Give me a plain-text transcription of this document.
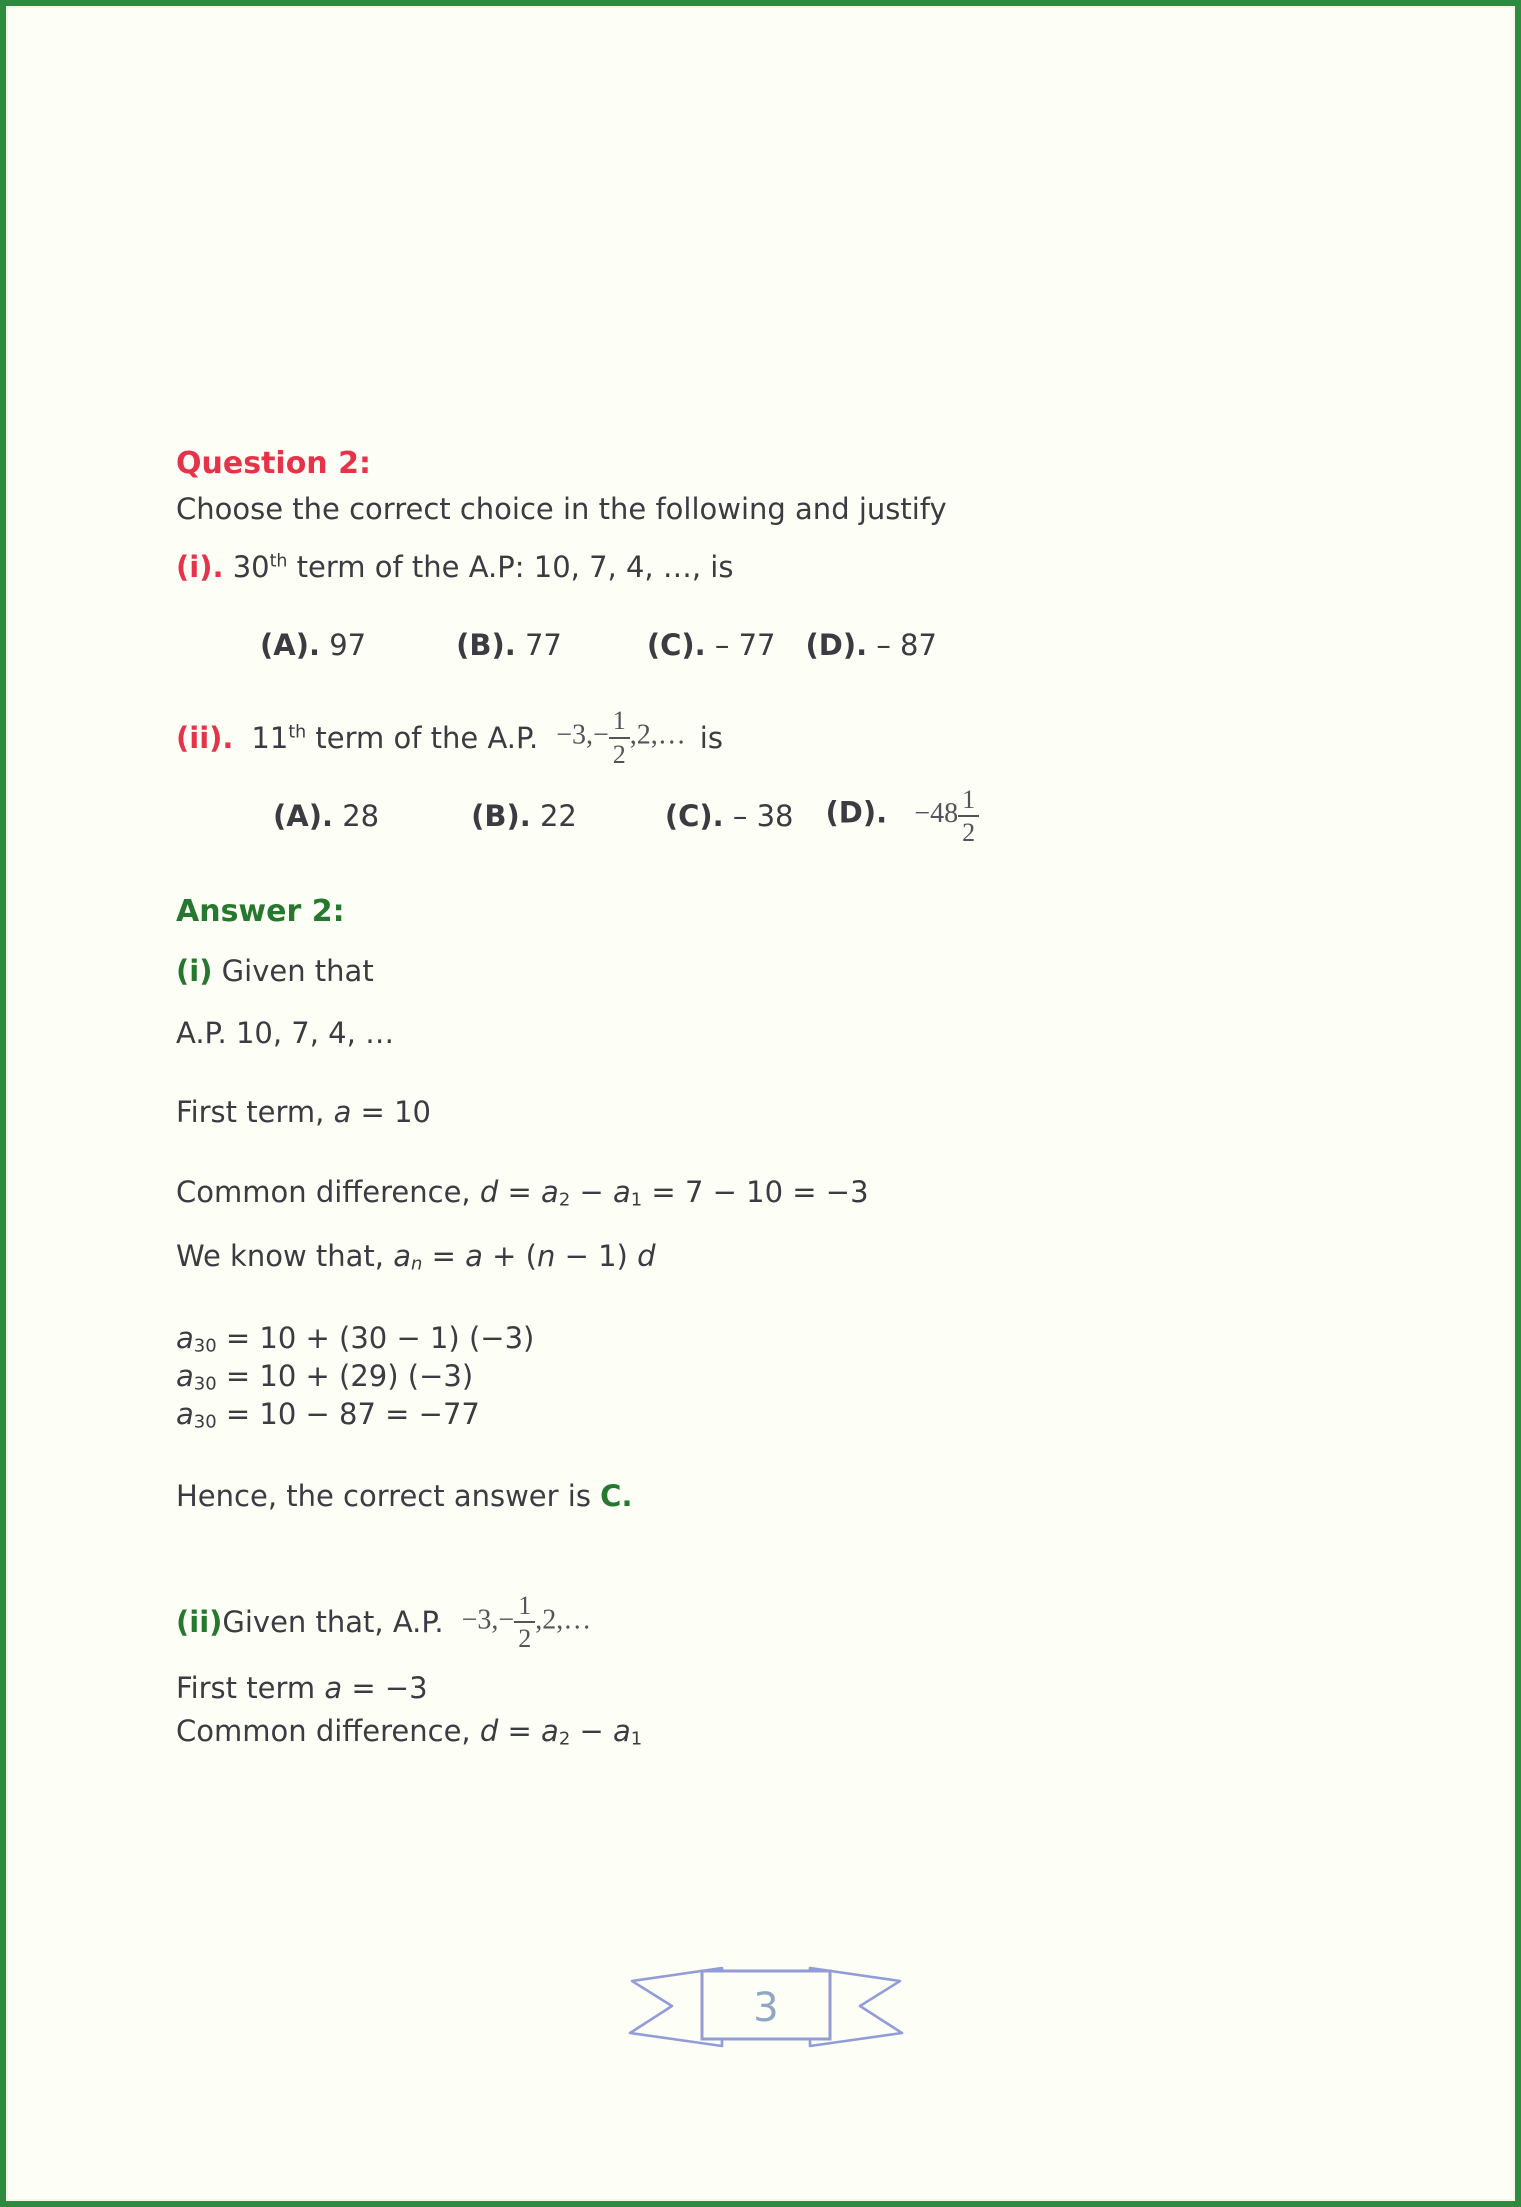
Question 2:

Choose the correct choice in the following and justify

(i). 30th term of the A.P: 10, 7, 4, …, is

(A). 97	(B). 77	(C). – 77 (D). – 87
(ii). 11th term of the A.P. $-3,- \frac{1}{2}$ ,2,… is
(A). 28	(B). 22	(C). – 38 (D). $-48 \frac{1}{2}$
Answer 2:

(i) Given that

A.P. 10, 7, 4, …

First term, a = 10

Common difference, $d = a_2 - a_1 = 7 - 10 = -3$

We know that, $a_n = a + (n - 1)$ d

$a_{30} = 10 + (30 - 1)$ (−3)

$a_{30} = 10 + (29)$ (−3)

$a_{30} = 10 - 87 = -77$

Hence, the correct answer is C.

(ii) Given that, A.P. $-3,- \frac{1}{2}$ ,2,…

First term a = −3

Common difference, $d = a_2 - a_1$

3
